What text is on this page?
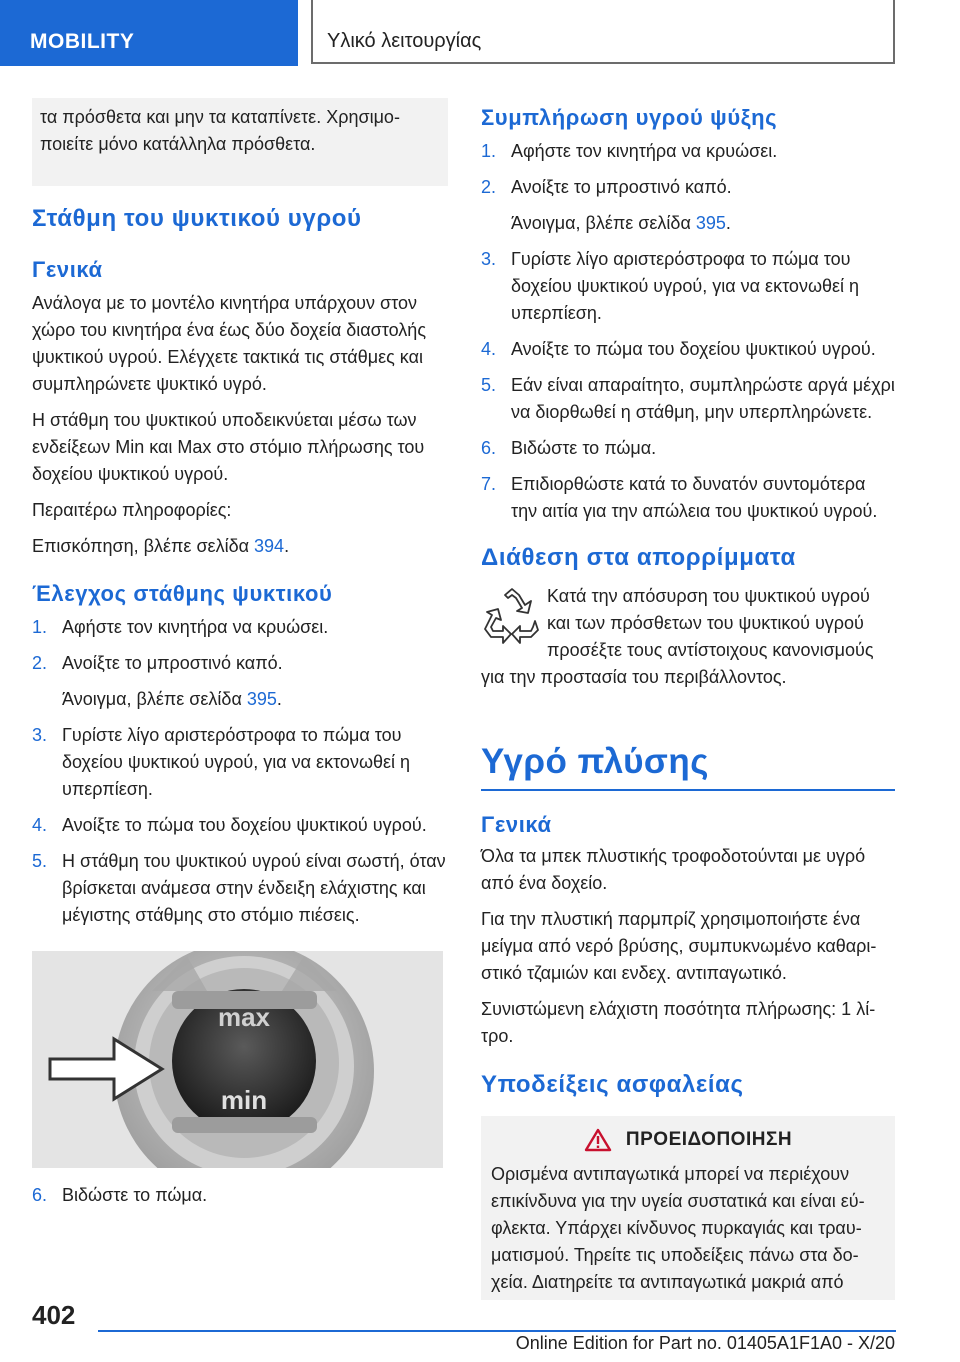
MOBILITY	Υλικό λειτουργίας
τα πρόσθετα και μην τα καταπίνετε. Χρησιμοποιείτε μόνο κατάλληλα πρόσθετα.
Στάθμη του ψυκτικού υγρού
Γενικά

Ανάλογα με το μοντέλο κινητήρα υπάρχουν στον χώρο του κινητήρα ένα έως δύο δοχεία διαστολής ψυκτικού υγρού. Ελέγχετε τακτικά τις στάθμες και συμπληρώνετε ψυκτικό υγρό.

Η στάθμη του ψυκτικού υποδεικνύεται μέσω των ενδείξεων Min και Max στο στόμιο πλήρωσης του δοχείου ψυκτικού υγρού.

Περαιτέρω πληροφορίες:

Επισκόπηση, βλέπε σελίδα 394.

Έλεγχος στάθμης ψυκτικού
1. Αφήστε τον κινητήρα να κρυώσει.
2. Ανοίξτε το μπροστινό καπό.

Άνοιγμα, βλέπε σελίδα 395.

3. Γυρίστε λίγο αριστερόστροφα το πώμα του δοχείου ψυκτικού υγρού, για να εκτονωθεί η υπερπίεση.
4. Ανοίξτε το πώμα του δοχείου ψυκτικού υγρού.
5. Η στάθμη του ψυκτικού υγρού είναι σωστή, όταν βρίσκεται ανάμεσα στην ένδειξη ελάχιστης και μέγιστης στάθμης στο στόμιο πιέσεις.
max
min
6. Βιδώστε το πώμα.
Συμπλήρωση υγρού ψύξης
1. Αφήστε τον κινητήρα να κρυώσει.
2. Ανοίξτε το μπροστινό καπό.

Άνοιγμα, βλέπε σελίδα 395.

3. Γυρίστε λίγο αριστερόστροφα το πώμα του δοχείου ψυκτικού υγρού, για να εκτονωθεί η υπερπίεση.
4. Ανοίξτε το πώμα του δοχείου ψυκτικού υγρού.
5. Εάν είναι απαραίτητο, συμπληρώστε αργά μέχρι να διορθωθεί η στάθμη, μην υπερπληρώνετε.
6. Βιδώστε το πώμα.
7. Επιδιορθώστε κατά το δυνατόν συντομότερα την αιτία για την απώλεια του ψυκτικού υγρού.
Διάθεση στα απορρίμματα

Κατά την απόσυρση του ψυκτικού υγρού και των πρόσθετων του ψυκτικού υγρού προσέξτε τους αντίστοιχους κανονισμούς για την προστασία του περιβάλλοντος.

Υγρό πλύσης
Γενικά

Όλα τα μπεκ πλυστικής τροφοδοτούνται με υγρό από ένα δοχείο.

Για την πλυστική παρμπρίζ χρησιμοποιήστε ένα μείγμα από νερό βρύσης, συμπυκνωμένο καθαριστικό τζαμιών και ενδεχ. αντιπαγωτικό.

Συνιστώμενη ελάχιστη ποσότητα πλήρωσης: 1 λίτρο.

Υποδείξεις ασφαλείας
ΠΡΟΕΙΔΟΠΟΙΗΣΗ

Ορισμένα αντιπαγωτικά μπορεί να περιέχουν επικίνδυνα για την υγεία συστατικά και είναι εύφλεκτα. Υπάρχει κίνδυνος πυρκαγιάς και τραυματισμού. Τηρείτε τις υποδείξεις πάνω στα δοχεία. Διατηρείτε τα αντιπαγωτικά μακριά από

402
Online Edition for Part no. 01405A1F1A0 - X/20
